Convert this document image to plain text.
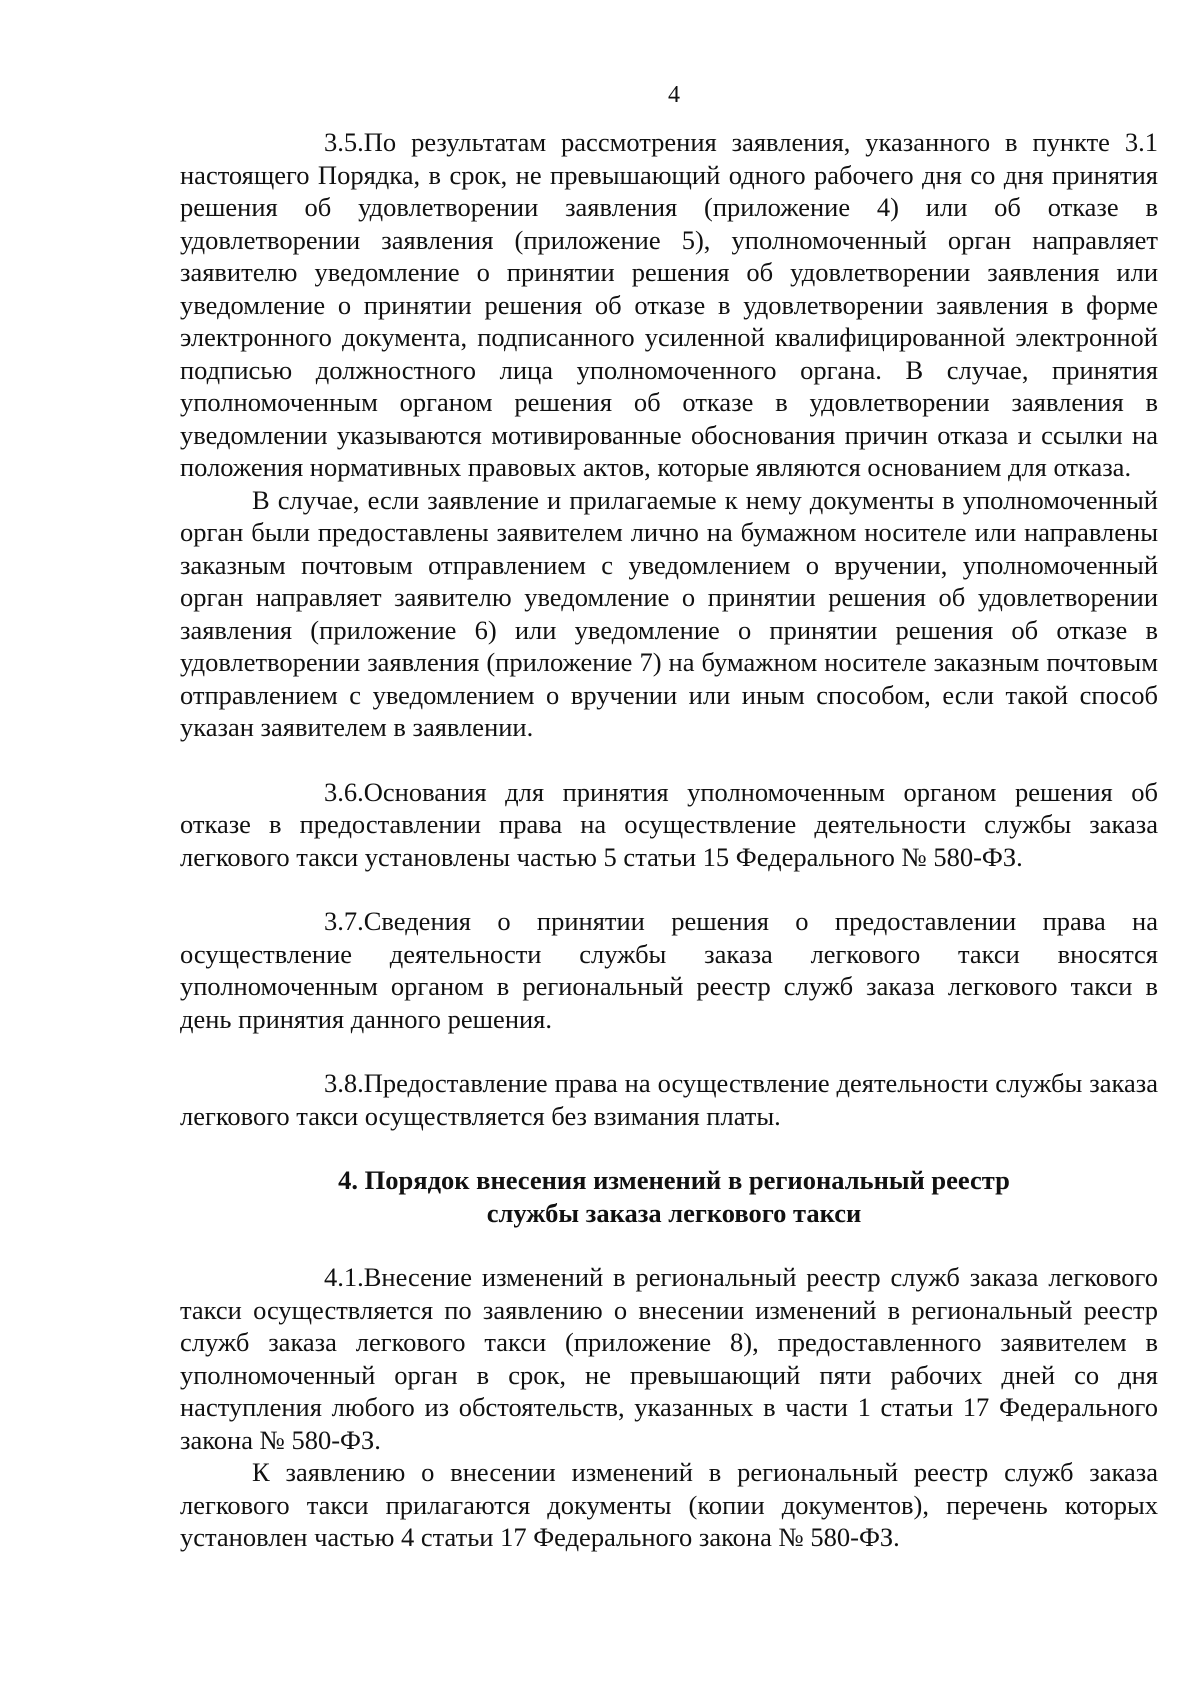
4

3.5.По результатам рассмотрения заявления, указанного в пункте 3.1 настоящего Порядка, в срок, не превышающий одного рабочего дня со дня принятия решения об удовлетворении заявления (приложение 4) или об отказе в удовлетворении заявления (приложение 5), уполномоченный орган направляет заявителю уведомление о принятии решения об удовлетворении заявления или уведомление о принятии решения об отказе в удовлетворении заявления в форме электронного документа, подписанного усиленной квалифицированной электронной подписью должностного лица уполномоченного органа. В случае, принятия уполномоченным органом решения об отказе в удовлетворении заявления в уведомлении указываются мотивированные обоснования причин отказа и ссылки на положения нормативных правовых актов, которые являются основанием для отказа.

В случае, если заявление и прилагаемые к нему документы в уполномоченный орган были предоставлены заявителем лично на бумажном носителе или направлены заказным почтовым отправлением с уведомлением о вручении, уполномоченный орган направляет заявителю уведомление о принятии решения об удовлетворении заявления (приложение 6) или уведомление о принятии решения об отказе в удовлетворении заявления (приложение 7) на бумажном носителе заказным почтовым отправлением с уведомлением о вручении или иным способом, если такой способ указан заявителем в заявлении.

3.6.Основания для принятия уполномоченным органом решения об отказе в предоставлении права на осуществление деятельности службы заказа легкового такси установлены частью 5 статьи 15 Федерального № 580-ФЗ.

3.7.Сведения о принятии решения о предоставлении права на осуществление деятельности службы заказа легкового такси вносятся уполномоченным органом в региональный реестр служб заказа легкового такси в день принятия данного решения.

3.8.Предоставление права на осуществление деятельности службы заказа легкового такси осуществляется без взимания платы.

4. Порядок внесения изменений в региональный реестр

службы заказа легкового такси

4.1.Внесение изменений в региональный реестр служб заказа легкового такси осуществляется по заявлению о внесении изменений в региональный реестр служб заказа легкового такси (приложение 8), предоставленного заявителем в уполномоченный орган в срок, не превышающий пяти рабочих дней со дня наступления любого из обстоятельств, указанных в части 1 статьи 17 Федерального закона № 580-ФЗ.

К заявлению о внесении изменений в региональный реестр служб заказа легкового такси прилагаются документы (копии документов), перечень которых установлен частью 4 статьи 17 Федерального закона № 580-ФЗ.
